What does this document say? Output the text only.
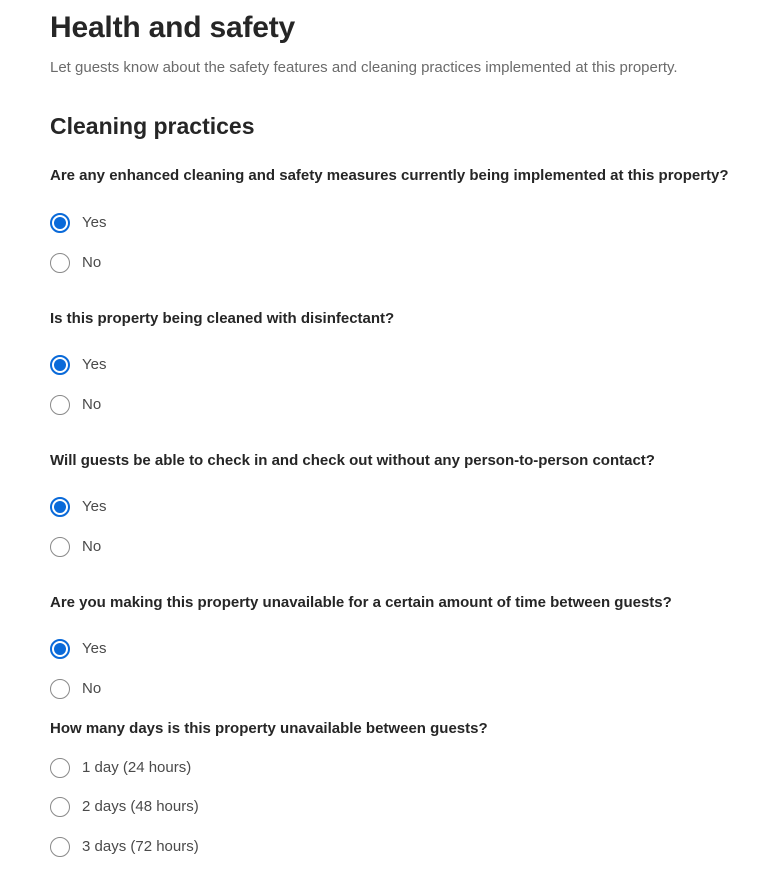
Health and safety

Let guests know about the safety features and cleaning practices implemented at this property.

Cleaning practices

Are any enhanced cleaning and safety measures currently being implemented at this property?

Yes
No

Is this property being cleaned with disinfectant?

Yes
No

Will guests be able to check in and check out without any person-to-person contact?

Yes
No

Are you making this property unavailable for a certain amount of time between guests?

Yes
No

How many days is this property unavailable between guests?

1 day (24 hours)
2 days (48 hours)
3 days (72 hours)
